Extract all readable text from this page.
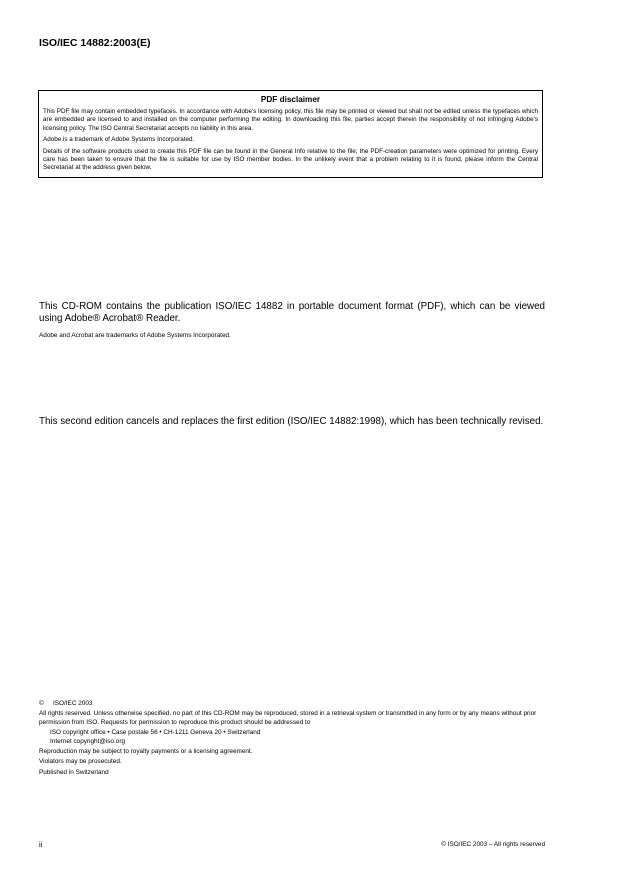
ISO/IEC 14882:2003(E)
PDF disclaimer

This PDF file may contain embedded typefaces. In accordance with Adobe's licensing policy, this file may be printed or viewed but shall not be edited unless the typefaces which are embedded are licensed to and installed on the computer performing the editing. In downloading this file, parties accept therein the responsibility of not infringing Adobe's licensing policy. The ISO Central Secretariat accepts no liability in this area.

Adobe is a trademark of Adobe Systems Incorporated.

Details of the software products used to create this PDF file can be found in the General Info relative to the file; the PDF-creation parameters were optimized for printing. Every care has been taken to ensure that the file is suitable for use by ISO member bodies. In the unlikely event that a problem relating to it is found, please inform the Central Secretariat at the address given below.

This CD-ROM contains the publication ISO/IEC 14882 in portable document format (PDF), which can be viewed using Adobe® Acrobat® Reader.

Adobe and Acrobat are trademarks of Adobe Systems Incorporated.

This second edition cancels and replaces the first edition (ISO/IEC 14882:1998), which has been technically revised.

© ISO/IEC 2003

All rights reserved. Unless otherwise specified, no part of this CD-ROM may be reproduced, stored in a retrieval system or transmitted in any form or by any means without prior permission from ISO. Requests for permission to reproduce this product should be addressed to

ISO copyright office • Case postale 56 • CH-1211 Geneva 20 • Switzerland

Internet copyright@iso.org

Reproduction may be subject to royalty payments or a licensing agreement.

Violators may be prosecuted.

Published in Switzerland

ii	© ISO/IEC 2003 – All rights reserved
